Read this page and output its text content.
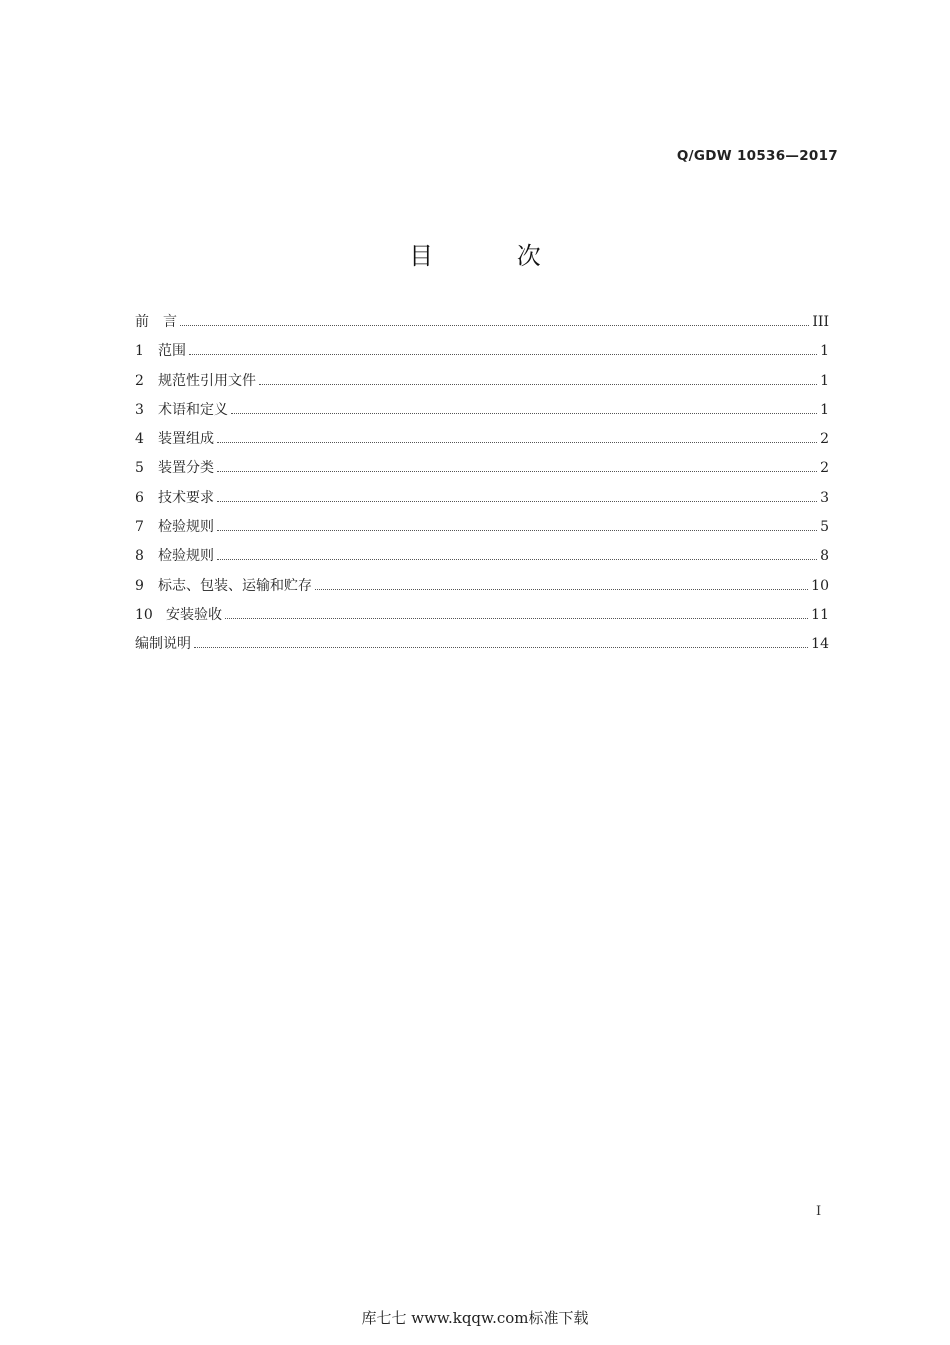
Q/GDW 10536—2017
目 次
前　言	III
1	范围	1
2	规范性引用文件	1
3	术语和定义	1
4	装置组成	2
5	装置分类	2
6	技术要求	3
7	检验规则	5
8	检验规则	8
9	标志、包装、运输和贮存	10
10 安装验收	11
编制说明	14
I
库七七 www.kqqw.com标准下载
